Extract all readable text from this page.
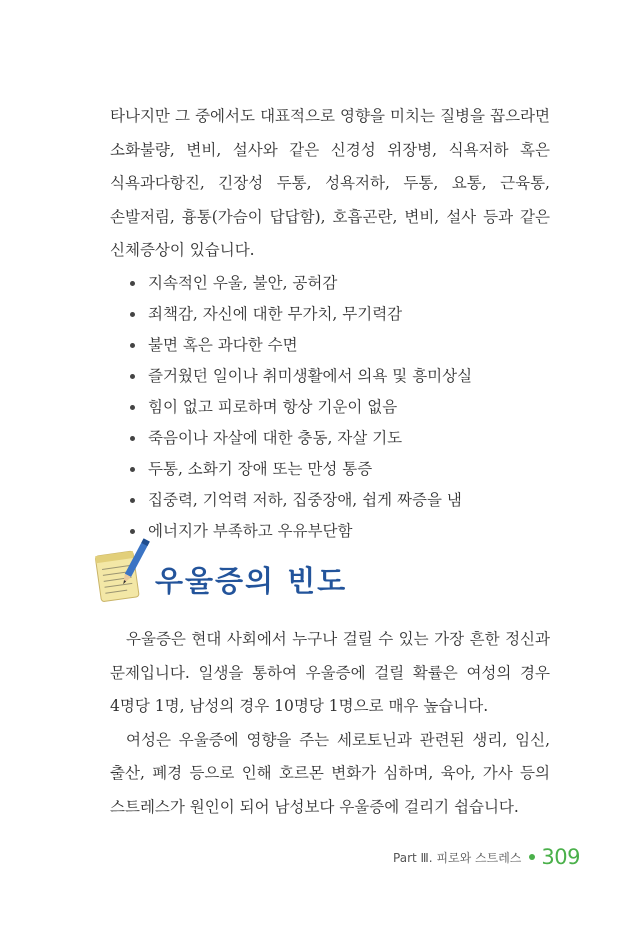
타나지만 그 중에서도 대표적으로 영향을 미치는 질병을 꼽으라면 소화불량, 변비, 설사와 같은 신경성 위장병, 식욕저하 혹은 식욕과다항진, 긴장성 두통, 성욕저하, 두통, 요통, 근육통, 손발저림, 흉통(가슴이 답답함), 호흡곤란, 변비, 설사 등과 같은 신체증상이 있습니다.

지속적인 우울, 불안, 공허감
죄책감, 자신에 대한 무가치, 무기력감
불면 혹은 과다한 수면
즐거웠던 일이나 취미생활에서 의욕 및 흥미상실
힘이 없고 피로하며 항상 기운이 없음
죽음이나 자살에 대한 충동, 자살 기도
두통, 소화기 장애 또는 만성 통증
집중력, 기억력 저하, 집중장애, 쉽게 짜증을 냄
에너지가 부족하고 우유부단함
우울증의 빈도

우울증은 현대 사회에서 누구나 걸릴 수 있는 가장 흔한 정신과 문제입니다. 일생을 통하여 우울증에 걸릴 확률은 여성의 경우 4명당 1명, 남성의 경우 10명당 1명으로 매우 높습니다.

여성은 우울증에 영향을 주는 세로토닌과 관련된 생리, 임신, 출산, 폐경 등으로 인해 호르몬 변화가 심하며, 육아, 가사 등의 스트레스가 원인이 되어 남성보다 우울증에 걸리기 쉽습니다.

Part Ⅲ. 피로와 스트레스 309
